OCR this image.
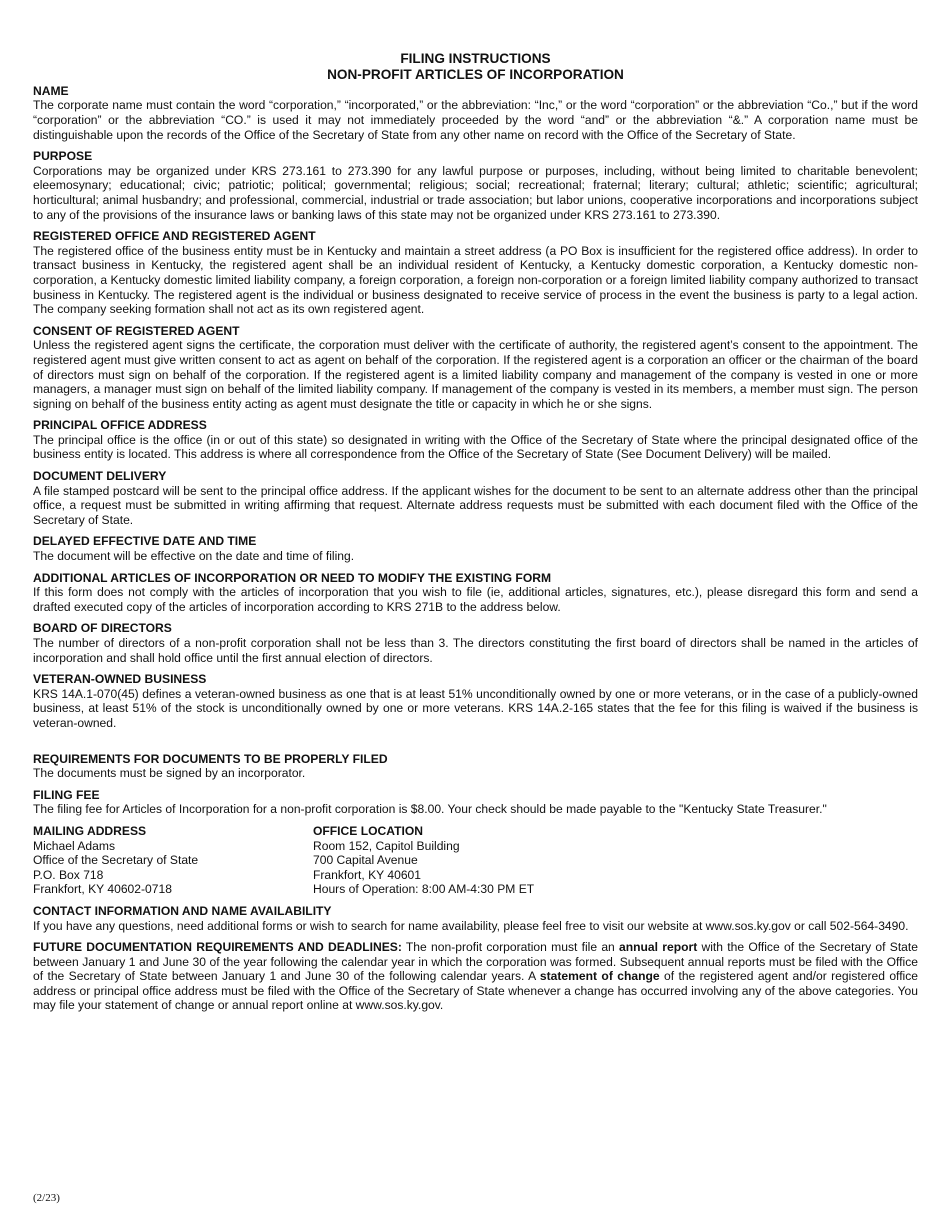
FILING INSTRUCTIONS
NON-PROFIT ARTICLES OF INCORPORATION
NAME
The corporate name must contain the word “corporation,” “incorporated,” or the abbreviation: “Inc,” or the word “corporation” or the abbreviation “Co.,” but if the word “corporation” or the abbreviation “CO.” is used it may not immediately proceeded by the word “and” or the abbreviation “&.” A corporation name must be distinguishable upon the records of the Office of the Secretary of State from any other name on record with the Office of the Secretary of State.
PURPOSE
Corporations may be organized under KRS 273.161 to 273.390 for any lawful purpose or purposes, including, without being limited to charitable benevolent; eleemosynary; educational; civic; patriotic; political; governmental; religious; social; recreational; fraternal; literary; cultural; athletic; scientific; agricultural; horticultural; animal husbandry; and professional, commercial, industrial or trade association; but labor unions, cooperative incorporations and incorporations subject to any of the provisions of the insurance laws or banking laws of this state may not be organized under KRS 273.161 to 273.390.
REGISTERED OFFICE AND REGISTERED AGENT
The registered office of the business entity must be in Kentucky and maintain a street address (a PO Box is insufficient for the registered office address). In order to transact business in Kentucky, the registered agent shall be an individual resident of Kentucky, a Kentucky domestic corporation, a Kentucky domestic non-corporation, a Kentucky domestic limited liability company, a foreign corporation, a foreign non-corporation or a foreign limited liability company authorized to transact business in Kentucky. The registered agent is the individual or business designated to receive service of process in the event the business is party to a legal action. The company seeking formation shall not act as its own registered agent.
CONSENT OF REGISTERED AGENT
Unless the registered agent signs the certificate, the corporation must deliver with the certificate of authority, the registered agent’s consent to the appointment. The registered agent must give written consent to act as agent on behalf of the corporation. If the registered agent is a corporation an officer or the chairman of the board of directors must sign on behalf of the corporation. If the registered agent is a limited liability company and management of the company is vested in one or more managers, a manager must sign on behalf of the limited liability company. If management of the company is vested in its members, a member must sign. The person signing on behalf of the business entity acting as agent must designate the title or capacity in which he or she signs.
PRINCIPAL OFFICE ADDRESS
The principal office is the office (in or out of this state) so designated in writing with the Office of the Secretary of State where the principal designated office of the business entity is located. This address is where all correspondence from the Office of the Secretary of State (See Document Delivery) will be mailed.
DOCUMENT DELIVERY
A file stamped postcard will be sent to the principal office address. If the applicant wishes for the document to be sent to an alternate address other than the principal office, a request must be submitted in writing affirming that request. Alternate address requests must be submitted with each document filed with the Office of the Secretary of State.
DELAYED EFFECTIVE DATE AND TIME
The document will be effective on the date and time of filing.
ADDITIONAL ARTICLES OF INCORPORATION OR NEED TO MODIFY THE EXISTING FORM
If this form does not comply with the articles of incorporation that you wish to file (ie, additional articles, signatures, etc.), please disregard this form and send a drafted executed copy of the articles of incorporation according to KRS 271B to the address below.
BOARD OF DIRECTORS
The number of directors of a non-profit corporation shall not be less than 3. The directors constituting the first board of directors shall be named in the articles of incorporation and shall hold office until the first annual election of directors.
VETERAN-OWNED BUSINESS
KRS 14A.1-070(45) defines a veteran-owned business as one that is at least 51% unconditionally owned by one or more veterans, or in the case of a publicly-owned business, at least 51% of the stock is unconditionally owned by one or more veterans. KRS 14A.2-165 states that the fee for this filing is waived if the business is veteran-owned.
REQUIREMENTS FOR DOCUMENTS TO BE PROPERLY FILED
The documents must be signed by an incorporator.
FILING FEE
The filing fee for Articles of Incorporation for a non-profit corporation is $8.00. Your check should be made payable to the "Kentucky State Treasurer."
MAILING ADDRESS
Michael Adams
Office of the Secretary of State
P.O. Box 718
Frankfort, KY 40602-0718
OFFICE LOCATION
Room 152, Capitol Building
700 Capital Avenue
Frankfort, KY 40601
Hours of Operation: 8:00 AM-4:30 PM ET
CONTACT INFORMATION AND NAME AVAILABILITY
If you have any questions, need additional forms or wish to search for name availability, please feel free to visit our website at www.sos.ky.gov or call 502-564-3490.
FUTURE DOCUMENTATION REQUIREMENTS AND DEADLINES: The non-profit corporation must file an annual report with the Office of the Secretary of State between January 1 and June 30 of the year following the calendar year in which the corporation was formed. Subsequent annual reports must be filed with the Office of the Secretary of State between January 1 and June 30 of the following calendar years. A statement of change of the registered agent and/or registered office address or principal office address must be filed with the Office of the Secretary of State whenever a change has occurred involving any of the above categories. You may file your statement of change or annual report online at www.sos.ky.gov.
(2/23)
